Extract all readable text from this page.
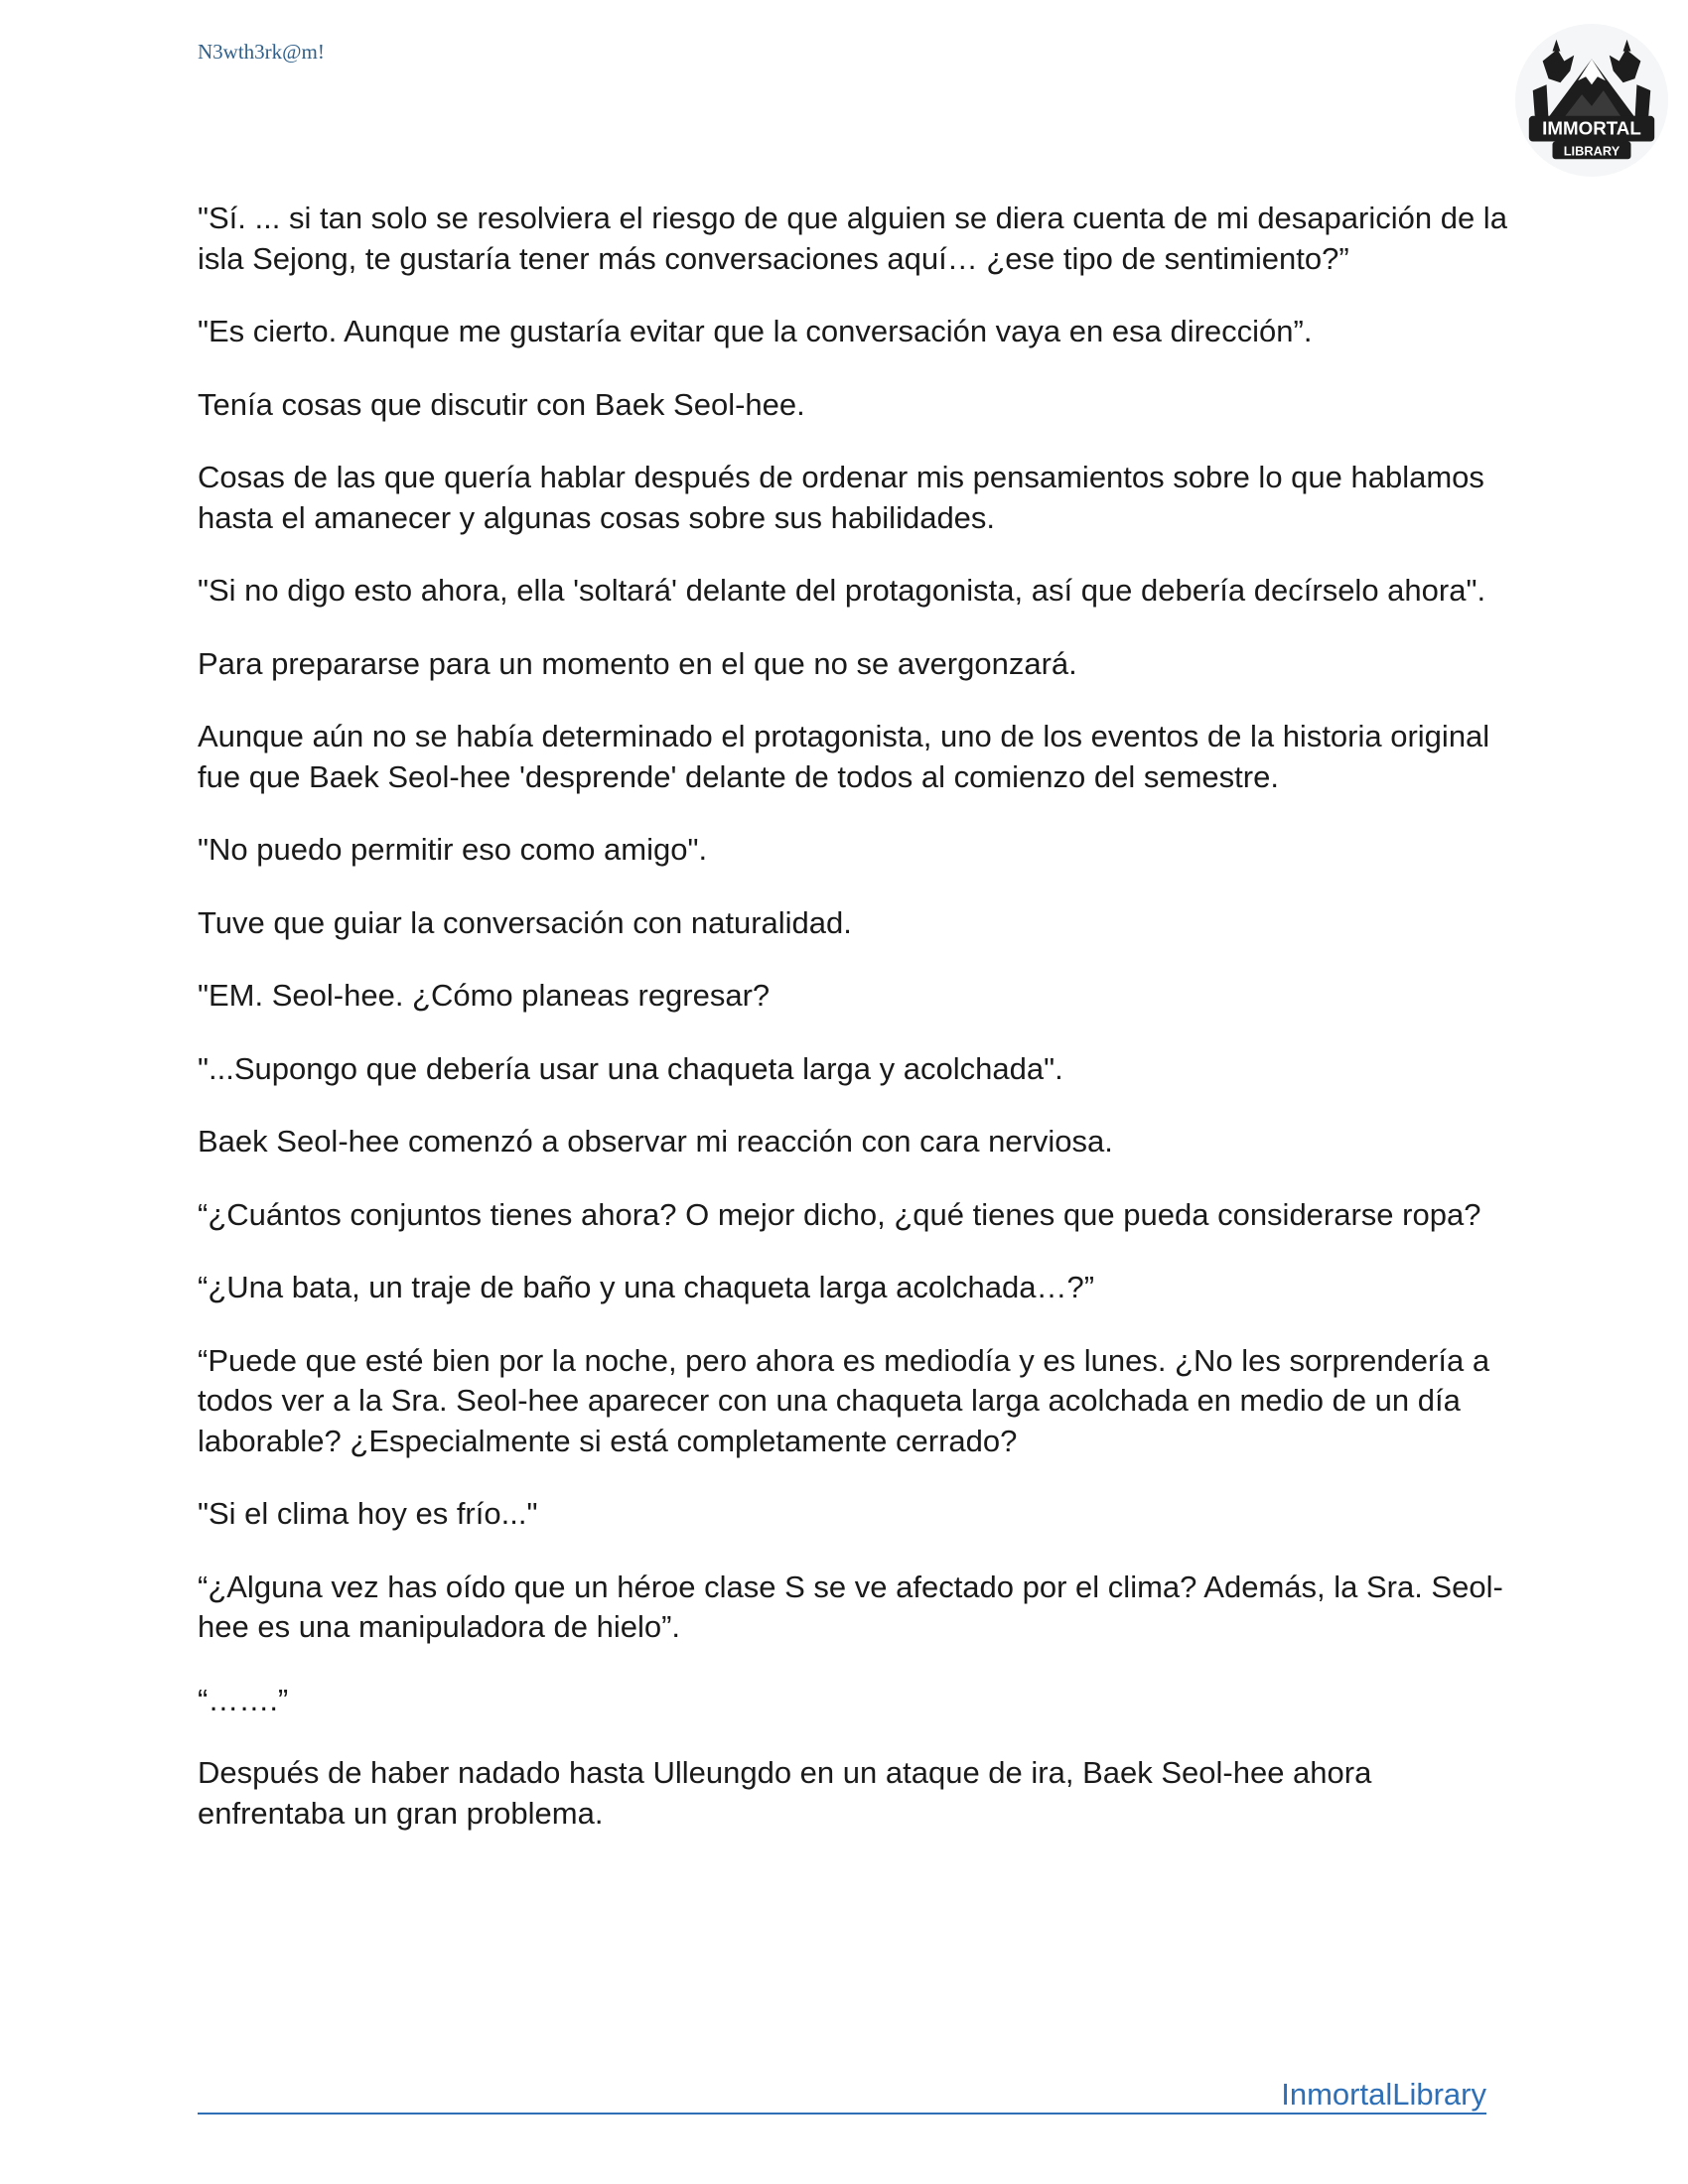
N3wth3rk@m!

IMMORTAL
LIBRARY

"Sí. ... si tan solo se resolviera el riesgo de que alguien se diera cuenta de mi desaparición de la isla Sejong, te gustaría tener más conversaciones aquí… ¿ese tipo de sentimiento?”

"Es cierto. Aunque me gustaría evitar que la conversación vaya en esa dirección”.

Tenía cosas que discutir con Baek Seol-hee.

Cosas de las que quería hablar después de ordenar mis pensamientos sobre lo que hablamos hasta el amanecer y algunas cosas sobre sus habilidades.

"Si no digo esto ahora, ella 'soltará' delante del protagonista, así que debería decírselo ahora".

Para prepararse para un momento en el que no se avergonzará.

Aunque aún no se había determinado el protagonista, uno de los eventos de la historia original fue que Baek Seol-hee 'desprende' delante de todos al comienzo del semestre.

"No puedo permitir eso como amigo".

Tuve que guiar la conversación con naturalidad.

"EM. Seol-hee. ¿Cómo planeas regresar?

"...Supongo que debería usar una chaqueta larga y acolchada".

Baek Seol-hee comenzó a observar mi reacción con cara nerviosa.

“¿Cuántos conjuntos tienes ahora? O mejor dicho, ¿qué tienes que pueda considerarse ropa?

“¿Una bata, un traje de baño y una chaqueta larga acolchada…?”

“Puede que esté bien por la noche, pero ahora es mediodía y es lunes. ¿No les sorprendería a todos ver a la Sra. Seol-hee aparecer con una chaqueta larga acolchada en medio de un día laborable? ¿Especialmente si está completamente cerrado?

"Si el clima hoy es frío..."

“¿Alguna vez has oído que un héroe clase S se ve afectado por el clima? Además, la Sra. Seol-hee es una manipuladora de hielo”.

“…….”

Después de haber nadado hasta Ulleungdo en un ataque de ira, Baek Seol-hee ahora enfrentaba un gran problema.

InmortalLibrary
